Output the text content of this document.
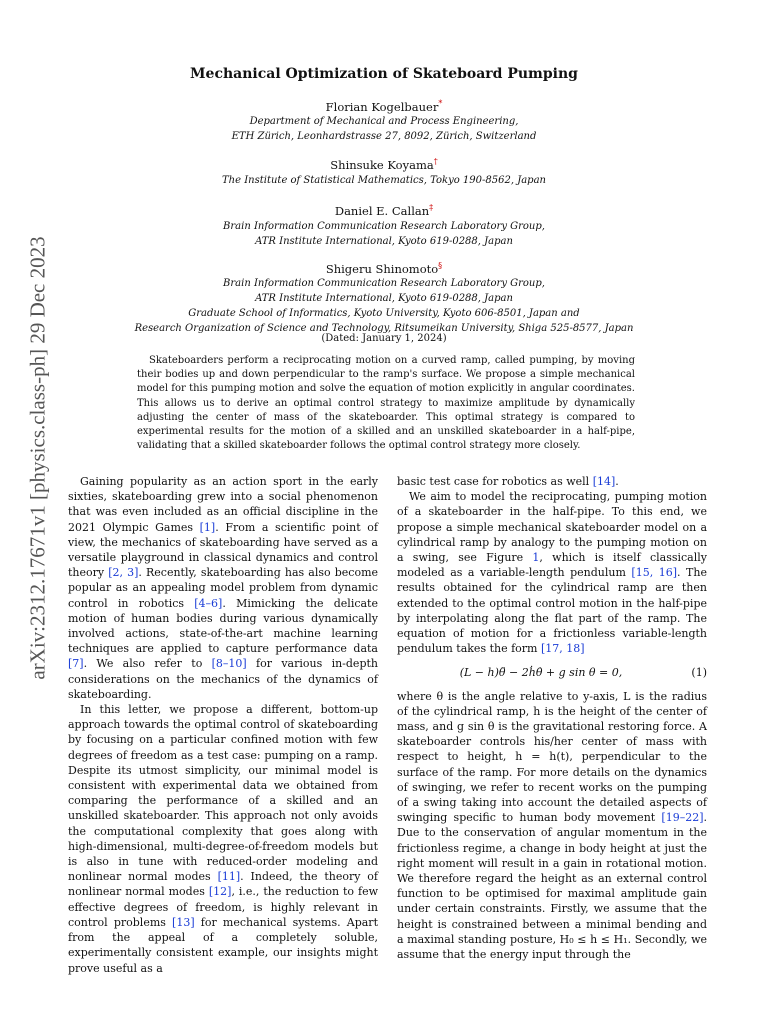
arXiv:2312.17671v1 [physics.class-ph] 29 Dec 2023
Mechanical Optimization of Skateboard Pumping
Florian Kogelbauer*
Department of Mechanical and Process Engineering,
ETH Zürich, Leonhardstrasse 27, 8092, Zürich, Switzerland
Shinsuke Koyama†
The Institute of Statistical Mathematics, Tokyo 190-8562, Japan
Daniel E. Callan‡
Brain Information Communication Research Laboratory Group,
ATR Institute International, Kyoto 619-0288, Japan
Shigeru Shinomoto§
Brain Information Communication Research Laboratory Group,
ATR Institute International, Kyoto 619-0288, Japan
Graduate School of Informatics, Kyoto University, Kyoto 606-8501, Japan and
Research Organization of Science and Technology, Ritsumeikan University, Shiga 525-8577, Japan
(Dated: January 1, 2024)

Skateboarders perform a reciprocating motion on a curved ramp, called pumping, by moving their bodies up and down perpendicular to the ramp's surface. We propose a simple mechanical model for this pumping motion and solve the equation of motion explicitly in angular coordinates. This allows us to derive an optimal control strategy to maximize amplitude by dynamically adjusting the center of mass of the skateboarder. This optimal strategy is compared to experimental results for the motion of a skilled and an unskilled skateboarder in a half-pipe, validating that a skilled skateboarder follows the optimal control strategy more closely.

Gaining popularity as an action sport in the early sixties, skateboarding grew into a social phenomenon that was even included as an official discipline in the 2021 Olympic Games [1]. From a scientific point of view, the mechanics of skateboarding have served as a versatile playground in classical dynamics and control theory [2, 3]. Recently, skateboarding has also become popular as an appealing model problem from dynamic control in robotics [4–6]. Mimicking the delicate motion of human bodies during various dynamically involved actions, state-of-the-art machine learning techniques are applied to capture performance data [7]. We also refer to [8–10] for various in-depth considerations on the mechanics of the dynamics of skateboarding.

In this letter, we propose a different, bottom-up approach towards the optimal control of skateboarding by focusing on a particular confined motion with few degrees of freedom as a test case: pumping on a ramp. Despite its utmost simplicity, our minimal model is consistent with experimental data we obtained from comparing the performance of a skilled and an unskilled skateboarder. This approach not only avoids the computational complexity that goes along with high-dimensional, multi-degree-of-freedom models but is also in tune with reduced-order modeling and nonlinear normal modes [11]. Indeed, the theory of nonlinear normal modes [12], i.e., the reduction to few effective degrees of freedom, is highly relevant in control problems [13] for mechanical systems. Apart from the appeal of a completely soluble, experimentally consistent example, our insights might prove useful as a

basic test case for robotics as well [14].

We aim to model the reciprocating, pumping motion of a skateboarder in the half-pipe. To this end, we propose a simple mechanical skateboarder model on a cylindrical ramp by analogy to the pumping motion on a swing, see Figure 1, which is itself classically modeled as a variable-length pendulum [15, 16]. The results obtained for the cylindrical ramp are then extended to the optimal control motion in the half-pipe by interpolating along the flat part of the ramp. The equation of motion for a frictionless variable-length pendulum takes the form [17, 18]

(L − h)θ̈ − 2ḣθ̇ + g sin θ = 0,	(1)

where θ is the angle relative to y-axis, L is the radius of the cylindrical ramp, h is the height of the center of mass, and g sin θ is the gravitational restoring force. A skateboarder controls his/her center of mass with respect to height, h = h(t), perpendicular to the surface of the ramp. For more details on the dynamics of swinging, we refer to recent works on the pumping of a swing taking into account the detailed aspects of swinging specific to human body movement [19–22]. Due to the conservation of angular momentum in the frictionless regime, a change in body height at just the right moment will result in a gain in rotational motion. We therefore regard the height as an external control function to be optimised for maximal amplitude gain under certain constraints. Firstly, we assume that the height is constrained between a minimal bending and a maximal standing posture, H₀ ≤ h ≤ H₁. Secondly, we assume that the energy input through the
